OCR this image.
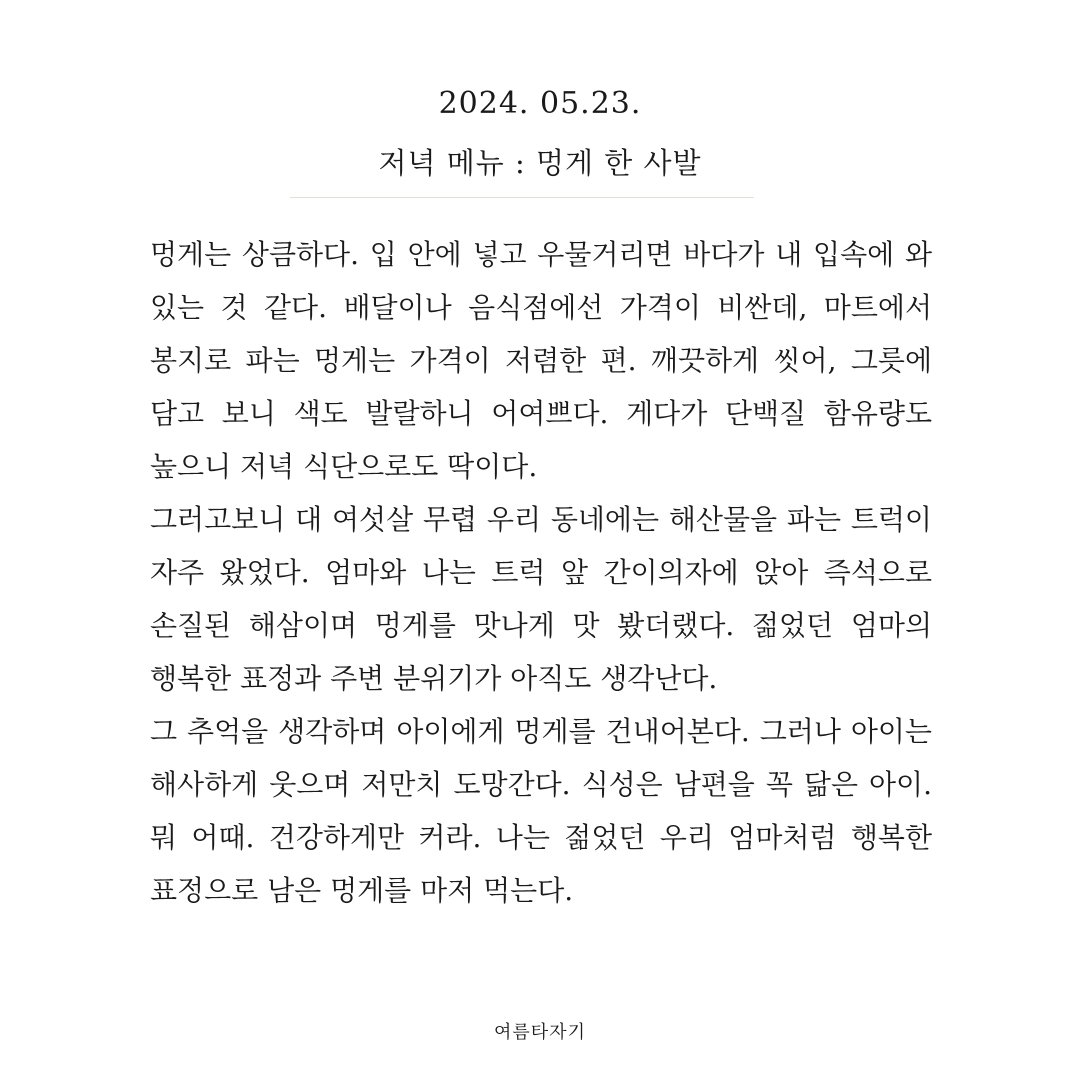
2024. 05.23.
저녁 메뉴 : 멍게 한 사발

멍게는 상큼하다. 입 안에 넣고 우물거리면 바다가 내 입속에 와 있는 것 같다. 배달이나 음식점에선 가격이 비싼데, 마트에서 봉지로 파는 멍게는 가격이 저렴한 편. 깨끗하게 씻어, 그릇에 담고 보니 색도 발랄하니 어여쁘다. 게다가 단백질 함유량도 높으니 저녁 식단으로도 딱이다.

그러고보니 대 여섯살 무렵 우리 동네에는 해산물을 파는 트럭이 자주 왔었다. 엄마와 나는 트럭 앞 간이의자에 앉아 즉석으로 손질된 해삼이며 멍게를 맛나게 맛 봤더랬다. 젊었던 엄마의 행복한 표정과 주변 분위기가 아직도 생각난다.

그 추억을 생각하며 아이에게 멍게를 건내어본다. 그러나 아이는 해사하게 웃으며 저만치 도망간다. 식성은 남편을 꼭 닮은 아이. 뭐 어때. 건강하게만 커라. 나는 젊었던 우리 엄마처럼 행복한 표정으로 남은 멍게를 마저 먹는다.

여름타자기
